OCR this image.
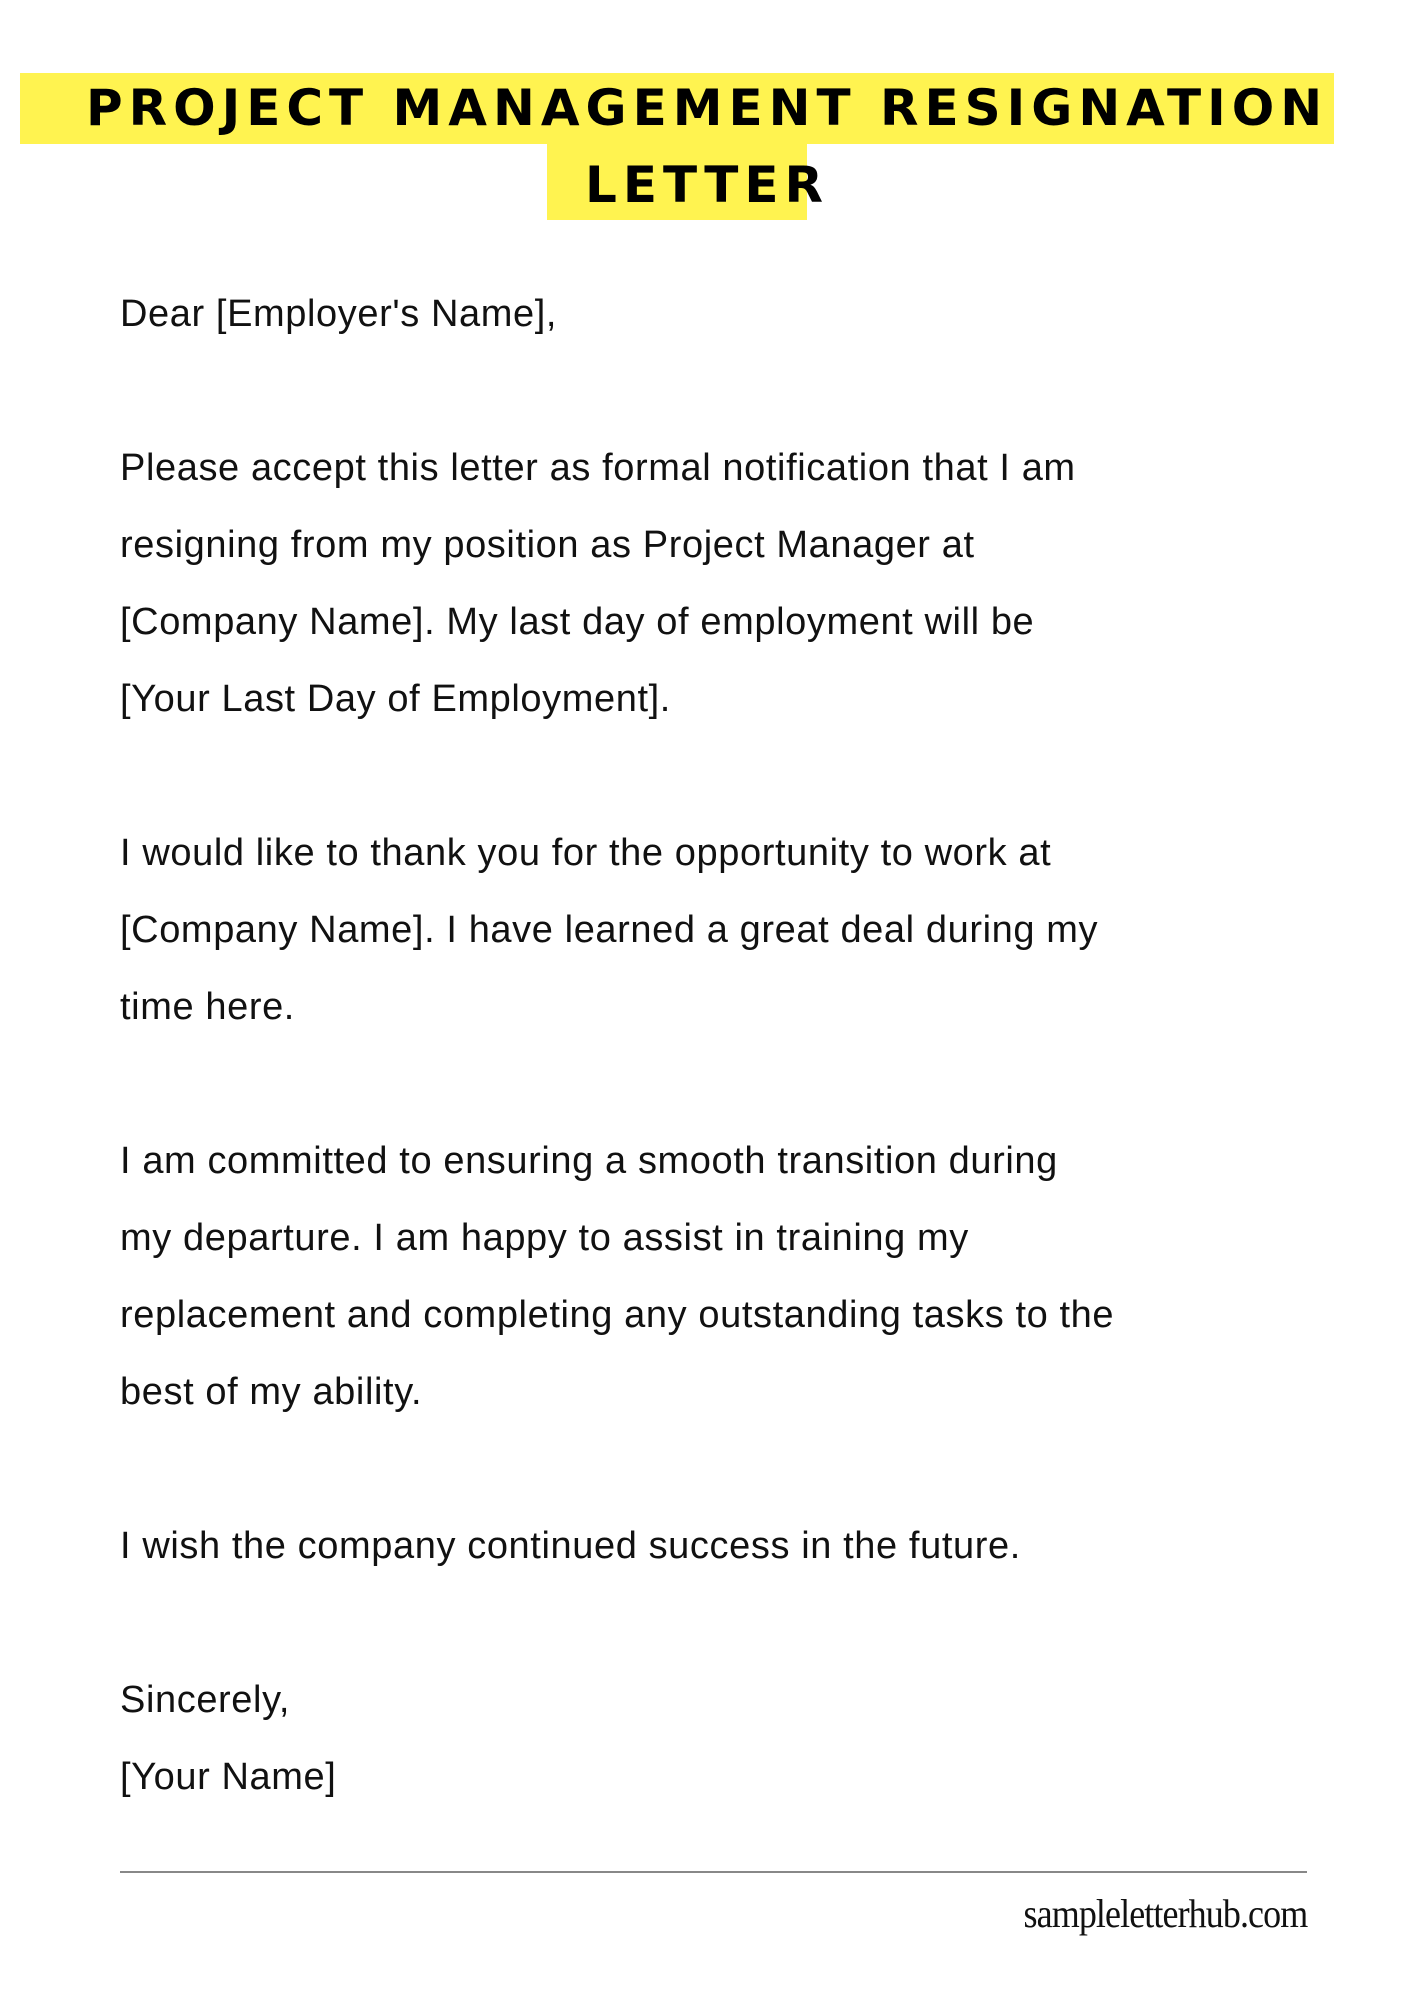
PROJECT MANAGEMENT RESIGNATION
LETTER
Dear [Employer's Name],
Please accept this letter as formal notification that I am
resigning from my position as Project Manager at
[Company Name]. My last day of employment will be
[Your Last Day of Employment].
I would like to thank you for the opportunity to work at
[Company Name]. I have learned a great deal during my
time here.
I am committed to ensuring a smooth transition during
my departure. I am happy to assist in training my
replacement and completing any outstanding tasks to the
best of my ability.
I wish the company continued success in the future.
Sincerely,
[Your Name]
sampleletterhub.com
